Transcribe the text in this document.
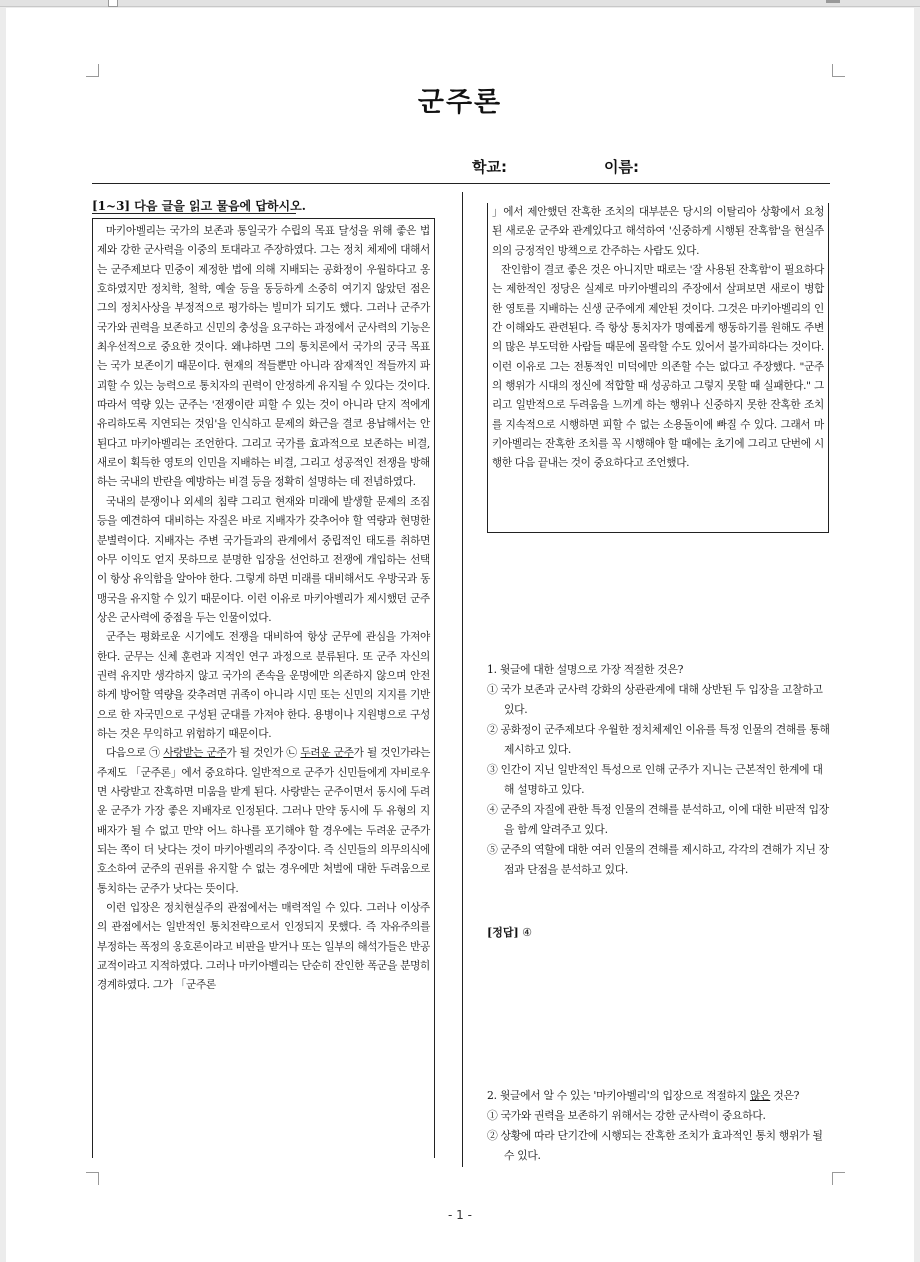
군주론
학교:	이름:
[1~3] 다음 글을 읽고 물음에 답하시오.

마키아벨리는 국가의 보존과 통일국가 수립의 목표 달성을 위해 좋은 법제와 강한 군사력을 이중의 토대라고 주장하였다. 그는 정치 체제에 대해서는 군주제보다 민중이 제정한 법에 의해 지배되는 공화정이 우월하다고 옹호하였지만 정치학, 철학, 예술 등을 동등하게 소중히 여기지 않았던 점은 그의 정치사상을 부정적으로 평가하는 빌미가 되기도 했다. 그러나 군주가 국가와 권력을 보존하고 신민의 충성을 요구하는 과정에서 군사력의 기능은 최우선적으로 중요한 것이다. 왜냐하면 그의 통치론에서 국가의 궁극 목표는 국가 보존이기 때문이다. 현재의 적들뿐만 아니라 잠재적인 적들까지 파괴할 수 있는 능력으로 통치자의 권력이 안정하게 유지될 수 있다는 것이다. 따라서 역량 있는 군주는 '전쟁이란 피할 수 있는 것이 아니라 단지 적에게 유리하도록 지연되는 것임'을 인식하고 문제의 화근을 결코 용납해서는 안 된다고 마키아벨리는 조언한다. 그리고 국가를 효과적으로 보존하는 비결, 새로이 획득한 영토의 인민을 지배하는 비결, 그리고 성공적인 전쟁을 방해하는 국내의 반란을 예방하는 비결 등을 정확히 설명하는 데 전념하였다.

국내의 분쟁이나 외세의 침략 그리고 현재와 미래에 발생할 문제의 조짐 등을 예견하여 대비하는 자질은 바로 지배자가 갖추어야 할 역량과 현명한 분별력이다. 지배자는 주변 국가들과의 관계에서 중립적인 태도를 취하면 아무 이익도 얻지 못하므로 분명한 입장을 선언하고 전쟁에 개입하는 선택이 항상 유익함을 알아야 한다. 그렇게 하면 미래를 대비해서도 우방국과 동맹국을 유지할 수 있기 때문이다. 이런 이유로 마키아벨리가 제시했던 군주상은 군사력에 중점을 두는 인물이었다.

군주는 평화로운 시기에도 전쟁을 대비하여 항상 군무에 관심을 가져야 한다. 군무는 신체 훈련과 지적인 연구 과정으로 분류된다. 또 군주 자신의 권력 유지만 생각하지 않고 국가의 존속을 운명에만 의존하지 않으며 안전하게 방어할 역량을 갖추려면 귀족이 아니라 시민 또는 신민의 지지를 기반으로 한 자국민으로 구성된 군대를 가져야 한다. 용병이나 지원병으로 구성하는 것은 무익하고 위험하기 때문이다.

다음으로 ㉠ 사랑받는 군주가 될 것인가 ㉡ 두려운 군주가 될 것인가라는 주제도 「군주론」에서 중요하다. 일반적으로 군주가 신민들에게 자비로우면 사랑받고 잔혹하면 미움을 받게 된다. 사랑받는 군주이면서 동시에 두려운 군주가 가장 좋은 지배자로 인정된다. 그러나 만약 동시에 두 유형의 지배자가 될 수 없고 만약 어느 하나를 포기해야 할 경우에는 두려운 군주가 되는 쪽이 더 낫다는 것이 마키아벨리의 주장이다. 즉 신민들의 의무의식에 호소하여 군주의 권위를 유지할 수 없는 경우에만 처벌에 대한 두려움으로 통치하는 군주가 낫다는 뜻이다.

이런 입장은 정치현실주의 관점에서는 매력적일 수 있다. 그러나 이상주의 관점에서는 일반적인 통치전략으로서 인정되지 못했다. 즉 자유주의를 부정하는 폭정의 옹호론이라고 비판을 받거나 또는 일부의 해석가들은 반공교적이라고 지적하였다. 그러나 마키아벨리는 단순히 잔인한 폭군을 분명히 경계하였다. 그가 「군주론

」에서 제안했던 잔혹한 조치의 대부분은 당시의 이탈리아 상황에서 요청된 새로운 군주와 관계있다고 해석하여 '신중하게 시행된 잔혹함'을 현실주의의 긍정적인 방책으로 간주하는 사람도 있다.

잔인함이 결코 좋은 것은 아니지만 때로는 '잘 사용된 잔혹함'이 필요하다는 제한적인 정당은 실제로 마키아벨리의 주장에서 살펴보면 새로이 병합한 영토를 지배하는 신생 군주에게 제안된 것이다. 그것은 마키아벨리의 인간 이해와도 관련된다. 즉 항상 통치자가 명예롭게 행동하기를 원해도 주변의 많은 부도덕한 사람들 때문에 몰락할 수도 있어서 불가피하다는 것이다. 이런 이유로 그는 전통적인 미덕에만 의존할 수는 없다고 주장했다. "군주의 행위가 시대의 정신에 적합할 때 성공하고 그렇지 못할 때 실패한다." 그리고 일반적으로 두려움을 느끼게 하는 행위나 신중하지 못한 잔혹한 조치를 지속적으로 시행하면 피할 수 없는 소용돌이에 빠질 수 있다. 그래서 마키아벨리는 잔혹한 조치를 꼭 시행해야 할 때에는 초기에 그리고 단번에 시행한 다음 끝내는 것이 중요하다고 조언했다.

1. 윗글에 대한 설명으로 가장 적절한 것은?

① 국가 보존과 군사력 강화의 상관관계에 대해 상반된 두 입장을 고찰하고 있다.

② 공화정이 군주제보다 우월한 정치체제인 이유를 특정 인물의 견해를 통해 제시하고 있다.

③ 인간이 지닌 일반적인 특성으로 인해 군주가 지니는 근본적인 한계에 대해 설명하고 있다.

④ 군주의 자질에 관한 특정 인물의 견해를 분석하고, 이에 대한 비판적 입장을 함께 알려주고 있다.

⑤ 군주의 역할에 대한 여러 인물의 견해를 제시하고, 각각의 견해가 지닌 장점과 단점을 분석하고 있다.

[정답] ④

2. 윗글에서 알 수 있는 '마키아벨리'의 입장으로 적절하지 않은 것은?

① 국가와 권력을 보존하기 위해서는 강한 군사력이 중요하다.

② 상황에 따라 단기간에 시행되는 잔혹한 조치가 효과적인 통치 행위가 될 수 있다.

- 1 -
